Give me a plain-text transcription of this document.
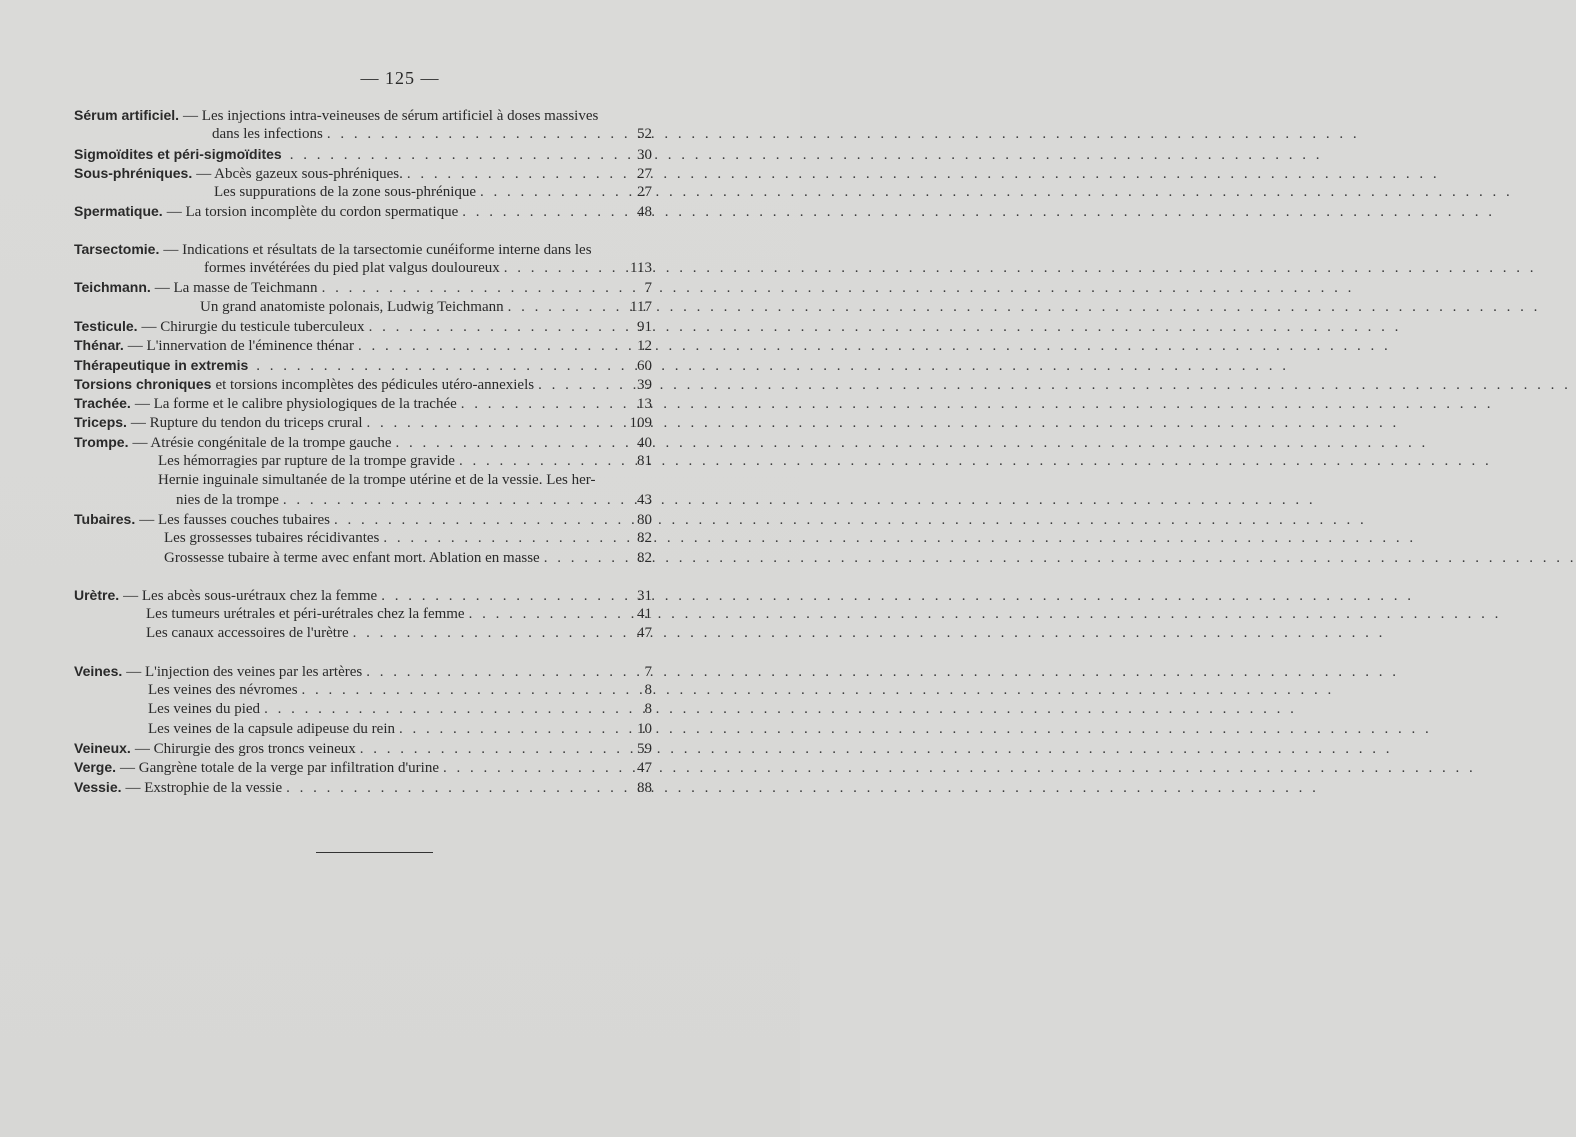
— 125 —
Sérum artificiel. — Les injections intra-veineuses de sérum artificiel à doses massives
dans les infections . . .	52
Sigmoïdites et péri-sigmoïdites . . .	30
Sous-phréniques. — Abcès gazeux sous-phréniques. . . .	27
Les suppurations de la zone sous-phrénique . . .	27
Spermatique. — La torsion incomplète du cordon spermatique . . .	48
Tarsectomie. — Indications et résultats de la tarsectomie cunéiforme interne dans les
formes invétérées du pied plat valgus douloureux . . .	113
Teichmann. — La masse de Teichmann . . .	7
Un grand anatomiste polonais, Ludwig Teichmann . . .	117
Testicule. — Chirurgie du testicule tuberculeux . . .	91
Thénar. — L'innervation de l'éminence thénar . . .	12
Thérapeutique in extremis . . .	60
Torsions chroniques et torsions incomplètes des pédicules utéro-annexiels . . .	39
Trachée. — La forme et le calibre physiologiques de la trachée . . .	13
Triceps. — Rupture du tendon du triceps crural . . .	109
Trompe. — Atrésie congénitale de la trompe gauche . . .	40
Les hémorragies par rupture de la trompe gravide . . .	81
Hernie inguinale simultanée de la trompe utérine et de la vessie. Les her-
nies de la trompe . . .	43
Tubaires. — Les fausses couches tubaires . . .	80
Les grossesses tubaires récidivantes . . .	82
Grossesse tubaire à terme avec enfant mort. Ablation en masse . . .	82
Urètre. — Les abcès sous-urétraux chez la femme . . .	31
Les tumeurs urétrales et péri-urétrales chez la femme . . .	41
Les canaux accessoires de l'urètre . . .	47
Veines. — L'injection des veines par les artères . . .	7
Les veines des névromes . . .	8
Les veines du pied . . .	8
Les veines de la capsule adipeuse du rein . . .	10
Veineux. — Chirurgie des gros troncs veineux . . .	59
Verge. — Gangrène totale de la verge par infiltration d'urine . . .	47
Vessie. — Exstrophie de la vessie . . .	88
